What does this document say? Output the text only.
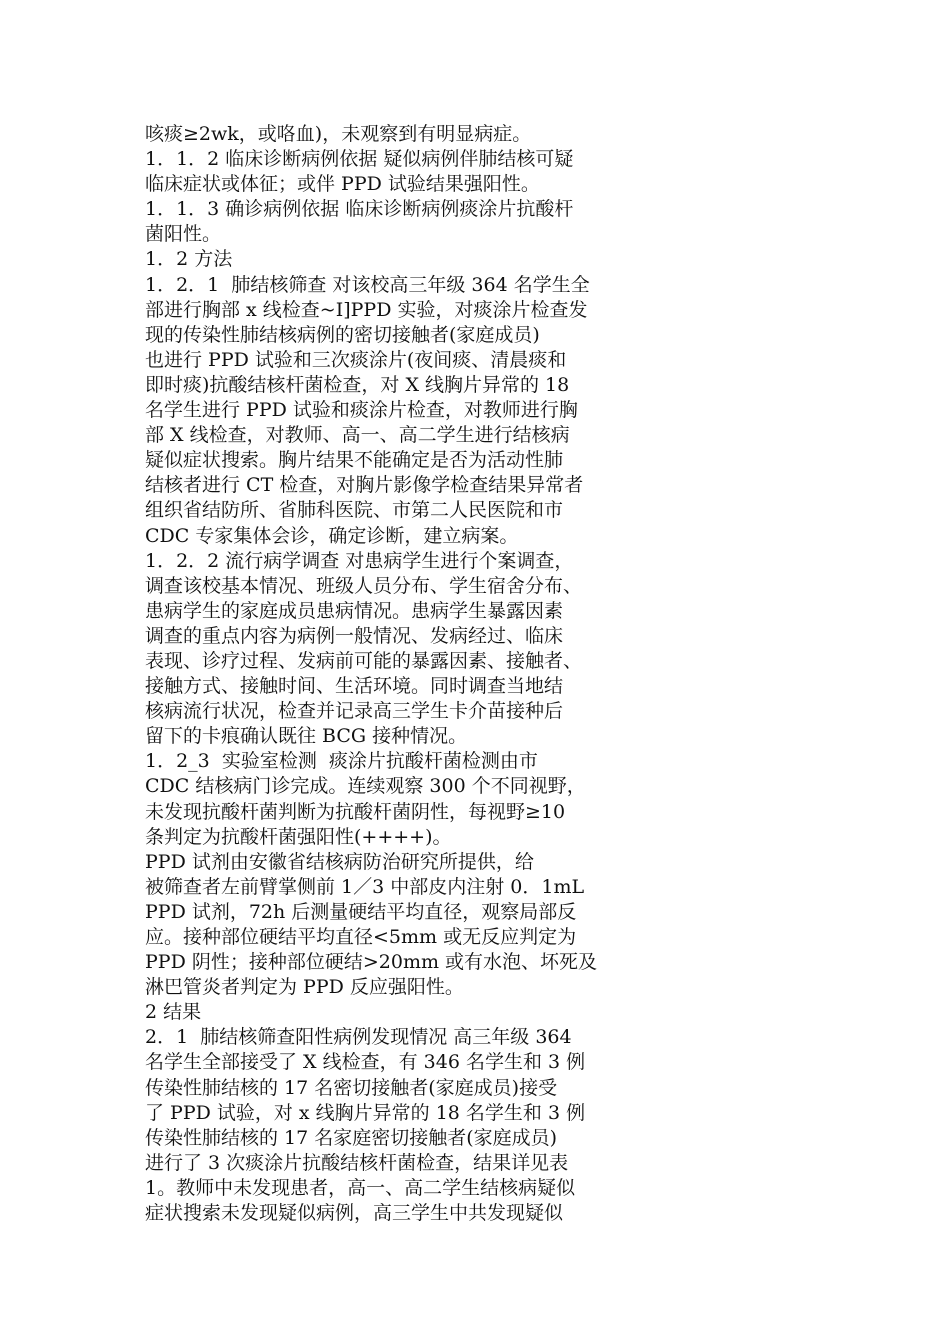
咳痰≥2wk，或咯血)，未观察到有明显病症。
1．1．2 临床诊断病例依据 疑似病例伴肺结核可疑
临床症状或体征；或伴 PPD 试验结果强阳性。
1．1．3 确诊病例依据 临床诊断病例痰涂片抗酸杆
菌阳性。
1．2 方法
1．2．1  肺结核筛查 对该校高三年级 364 名学生全
部进行胸部 x 线检查~I]PPD 实验，对痰涂片检查发
现的传染性肺结核病例的密切接触者(家庭成员)
也进行 PPD 试验和三次痰涂片(夜间痰、清晨痰和
即时痰)抗酸结核杆菌检查，对 X 线胸片异常的 18
名学生进行 PPD 试验和痰涂片检查，对教师进行胸
部 X 线检查，对教师、高一、高二学生进行结核病
疑似症状搜索。胸片结果不能确定是否为活动性肺
结核者进行 CT 检查，对胸片影像学检查结果异常者
组织省结防所、省肺科医院、市第二人民医院和市
CDC 专家集体会诊，确定诊断，建立病案。
1．2．2 流行病学调查 对患病学生进行个案调查，
调查该校基本情况、班级人员分布、学生宿舍分布、
患病学生的家庭成员患病情况。患病学生暴露因素
调查的重点内容为病例一般情况、发病经过、临床
表现、诊疗过程、发病前可能的暴露因素、接触者、
接触方式、接触时间、生活环境。同时调查当地结
核病流行状况，检查并记录高三学生卡介苗接种后
留下的卡痕确认既往 BCG 接种情况。
1．2_3  实验室检测  痰涂片抗酸杆菌检测由市
CDC 结核病门诊完成。连续观察 300 个不同视野，
未发现抗酸杆菌判断为抗酸杆菌阴性，每视野≥10
条判定为抗酸杆菌强阳性(++++)。
PPD 试剂由安徽省结核病防治研究所提供，给
被筛查者左前臂掌侧前 1／3 中部皮内注射 0．1mL
PPD 试剂，72h 后测量硬结平均直径，观察局部反
应。接种部位硬结平均直径<5mm 或无反应判定为
PPD 阴性；接种部位硬结>20mm 或有水泡、坏死及
淋巴管炎者判定为 PPD 反应强阳性。
2 结果
2．1  肺结核筛查阳性病例发现情况 高三年级 364
名学生全部接受了 X 线检查，有 346 名学生和 3 例
传染性肺结核的 17 名密切接触者(家庭成员)接受
了 PPD 试验，对 x 线胸片异常的 18 名学生和 3 例
传染性肺结核的 17 名家庭密切接触者(家庭成员)
进行了 3 次痰涂片抗酸结核杆菌检查，结果详见表
1。教师中未发现患者，高一、高二学生结核病疑似
症状搜索未发现疑似病例，高三学生中共发现疑似
